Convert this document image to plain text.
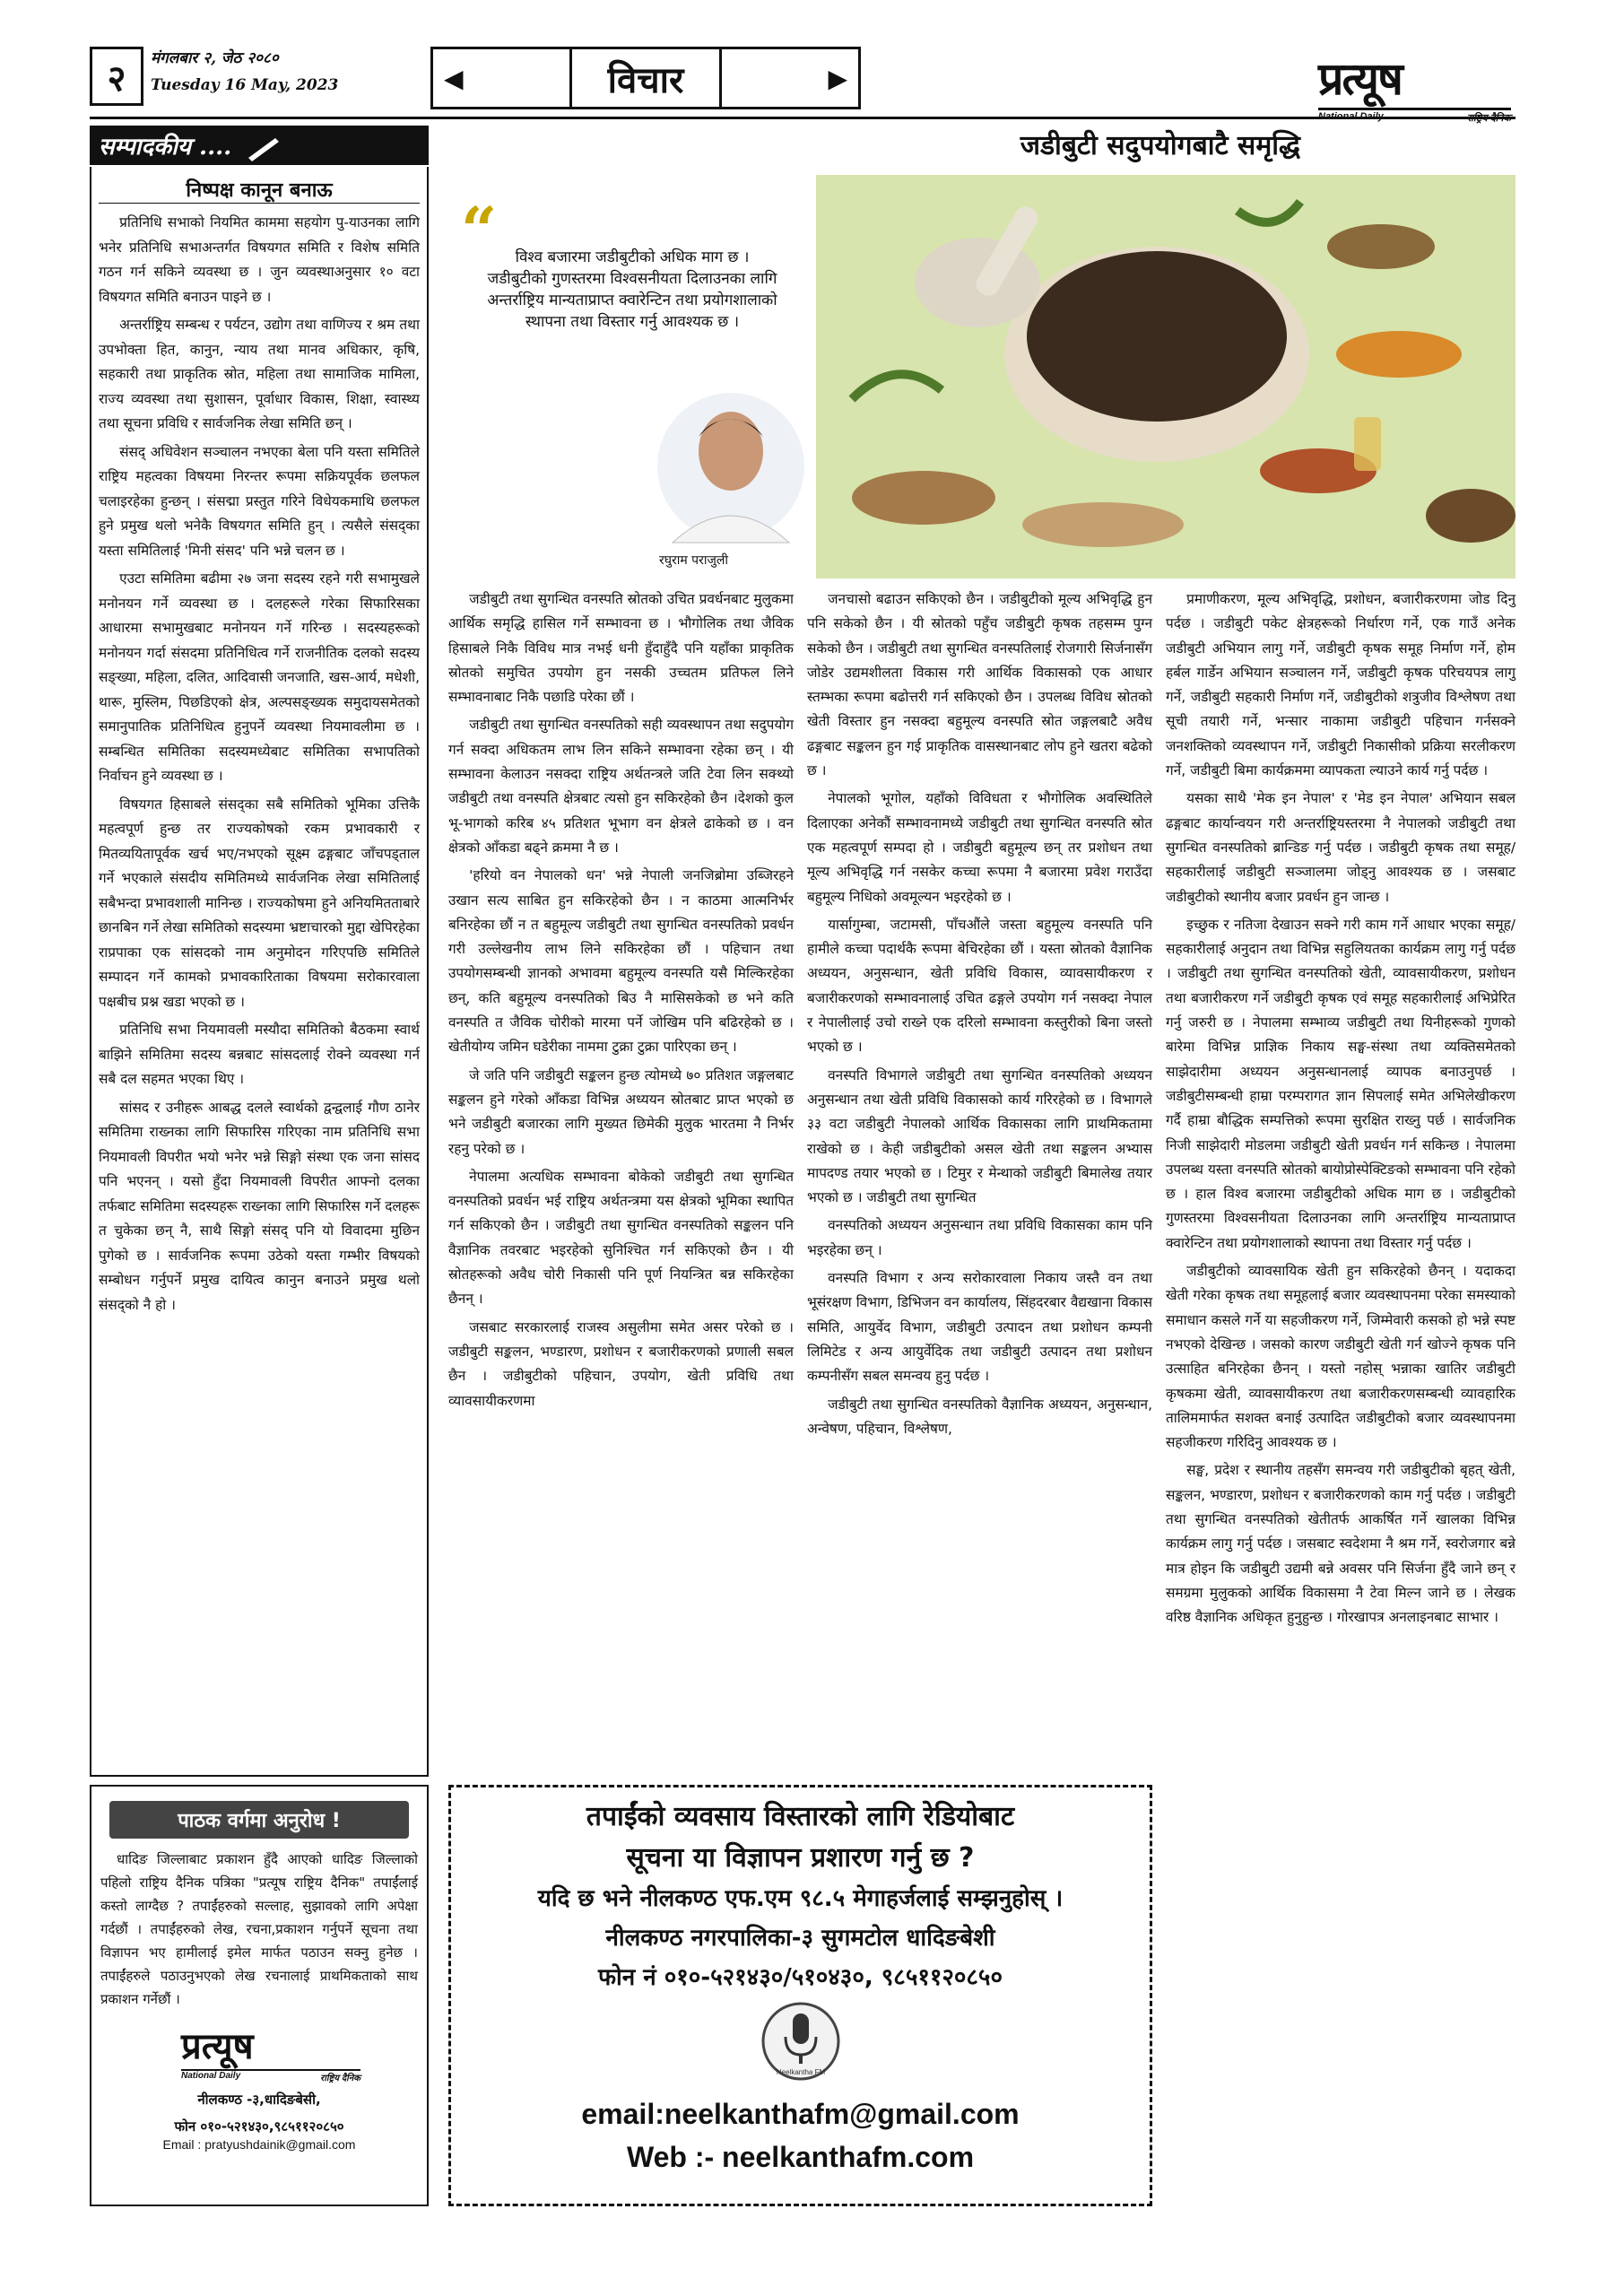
२	मंगलबार २, जेठ २०८०
Tuesday 16 May, 2023	◀	विचार	▶	प्रत्यूष
सम्पादकीय ....
निष्पक्ष कानून बनाऊ

प्रतिनिधि सभाको नियमित काममा सहयोग पु-याउनका लागि भनेर प्रतिनिधि सभाअन्तर्गत विषयगत समिति र विशेष समिति गठन गर्न सकिने व्यवस्था छ । जुन व्यवस्थाअनुसार १० वटा विषयगत समिति बनाउन पाइने छ ।

अन्तर्राष्ट्रिय सम्बन्ध र पर्यटन, उद्योग तथा वाणिज्य र श्रम तथा उपभोक्ता हित, कानुन, न्याय तथा मानव अधिकार, कृषि, सहकारी तथा प्राकृतिक स्रोत, महिला तथा सामाजिक मामिला, राज्य व्यवस्था तथा सुशासन, पूर्वाधार विकास, शिक्षा, स्वास्थ्य तथा सूचना प्रविधि र सार्वजनिक लेखा समिति छन् ।

संसद् अधिवेशन सञ्चालन नभएका बेला पनि यस्ता समितिले राष्ट्रिय महत्वका विषयमा निरन्तर रूपमा सक्रियपूर्वक छलफल चलाइरहेका हुन्छन् । संसद्मा प्रस्तुत गरिने विधेयकमाथि छलफल हुने प्रमुख थलो भनेकै विषयगत समिति हुन् । त्यसैले संसद्का यस्ता समितिलाई 'मिनी संसद' पनि भन्ने चलन छ ।

एउटा समितिमा बढीमा २७ जना सदस्य रहने गरी सभामुखले मनोनयन गर्ने व्यवस्था छ । दलहरूले गरेका सिफारिसका आधारमा सभामुखबाट मनोनयन गर्ने गरिन्छ । सदस्यहरूको मनोनयन गर्दा संसदमा प्रतिनिधित्व गर्ने राजनीतिक दलको सदस्य सङ्ख्या, महिला, दलित, आदिवासी जनजाति, खस-आर्य, मधेशी, थारू, मुस्लिम, पिछडिएको क्षेत्र, अल्पसङ्ख्यक समुदायसमेतको समानुपातिक प्रतिनिधित्व हुनुपर्ने व्यवस्था नियमावलीमा छ । सम्बन्धित समितिका सदस्यमध्येबाट समितिका सभापतिको निर्वाचन हुने व्यवस्था छ ।

विषयगत हिसाबले संसद्का सबै समितिको भूमिका उत्तिकै महत्वपूर्ण हुन्छ तर राज्यकोषको रकम प्रभावकारी र मितव्ययितापूर्वक खर्च भए/नभएको सूक्ष्म ढङ्गबाट जाँचपड्ताल गर्ने भएकाले संसदीय समितिमध्ये सार्वजनिक लेखा समितिलाई सबैभन्दा प्रभावशाली मानिन्छ । राज्यकोषमा हुने अनियमितताबारे छानबिन गर्ने लेखा समितिको सदस्यमा भ्रष्टाचारको मुद्दा खेपिरहेका राप्रपाका एक सांसदको नाम अनुमोदन गरिएपछि समितिले सम्पादन गर्ने कामको प्रभावकारिताका विषयमा सरोकारवाला पक्षबीच प्रश्न खडा भएको छ ।

प्रतिनिधि सभा नियमावली मस्यौदा समितिको बैठकमा स्वार्थ बाझिने समितिमा सदस्य बन्नबाट सांसदलाई रोक्ने व्यवस्था गर्न सबै दल सहमत भएका थिए ।

सांसद र उनीहरू आबद्ध दलले स्वार्थको द्वन्द्वलाई गौण ठानेर समितिमा राख्नका लागि सिफारिस गरिएका नाम प्रतिनिधि सभा नियमावली विपरीत भयो भनेर भन्ने सिङ्गो संस्था एक जना सांसद पनि भएनन् । यसो हुँदा नियमावली विपरीत आफ्नो दलका तर्फबाट समितिमा सदस्यहरू राख्नका लागि सिफारिस गर्ने दलहरू त चुकेका छन् नै, साथै सिङ्गो संसद् पनि यो विवादमा मुछिन पुगेको छ । सार्वजनिक रूपमा उठेको यस्ता गम्भीर विषयको सम्बोधन गर्नुपर्ने प्रमुख दायित्व कानुन बनाउने प्रमुख थलो संसद्को नै हो ।

पाठक वर्गमा अनुरोध !

धादिङ जिल्लाबाट प्रकाशन हुँदै आएको धादिङ जिल्लाको पहिलो राष्ट्रिय दैनिक पत्रिका "प्रत्यूष राष्ट्रिय दैनिक" तपाईंलाई कस्तो लाग्दैछ ? तपाईंहरुको सल्लाह, सुझावको लागि अपेक्षा गर्दछौं । तपाईंहरुको लेख, रचना,प्रकाशन गर्नुपर्ने सूचना तथा विज्ञापन भए हामीलाई इमेल मार्फत पठाउन सक्नु हुनेछ । तपाईंहरुले पठाउनुभएको लेख रचनालाई प्राथमिकताको साथ प्रकाशन गर्नेछौं ।

प्रत्यूष
National Daily	राष्ट्रिय दैनिक
नीलकण्ठ -३,धादिङबेसी,
फोन ०१०-५२१४३०,९८५११२०८५०
Email : pratyushdainik@gmail.com
जडीबुटी सदुपयोगबाटै समृद्धि
“	विश्व बजारमा जडीबुटीको अधिक माग छ । जडीबुटीको गुणस्तरमा विश्वसनीयता दिलाउनका लागि अन्तर्राष्ट्रिय मान्यताप्राप्त क्वारेन्टिन तथा प्रयोगशालाको स्थापना तथा विस्तार गर्नु आवश्यक छ ।
रघुराम पराजुली

जडीबुटी तथा सुगन्धित वनस्पति स्रोतको उचित प्रवर्धनबाट मुलुकमा आर्थिक समृद्धि हासिल गर्ने सम्भावना छ । भौगोलिक तथा जैविक हिसाबले निकै विविध मात्र नभई धनी हुँदाहुँदै पनि यहाँका प्राकृतिक स्रोतको समुचित उपयोग हुन नसकी उच्चतम प्रतिफल लिने सम्भावनाबाट निकै पछाडि परेका छौं ।

जडीबुटी तथा सुगन्धित वनस्पतिको सही व्यवस्थापन तथा सदुपयोग गर्न सक्दा अधिकतम लाभ लिन सकिने सम्भावना रहेका छन् । यी सम्भावना केलाउन नसक्दा राष्ट्रिय अर्थतन्त्रले जति टेवा लिन सक्थ्यो जडीबुटी तथा वनस्पति क्षेत्रबाट त्यसो हुन सकिरहेको छैन ।देशको कुल भू-भागको करिब ४५ प्रतिशत भूभाग वन क्षेत्रले ढाकेको छ । वन क्षेत्रको आँकडा बढ्ने क्रममा नै छ ।

'हरियो वन नेपालको धन' भन्ने नेपाली जनजिब्रोमा उब्जिरहने उखान सत्य साबित हुन सकिरहेको छैन । न काठमा आत्मनिर्भर बनिरहेका छौं न त बहुमूल्य जडीबुटी तथा सुगन्धित वनस्पतिको प्रवर्धन गरी उल्लेखनीय लाभ लिने सकिरहेका छौं । पहिचान तथा उपयोगसम्बन्धी ज्ञानको अभावमा बहुमूल्य वनस्पति यसै मिल्किरहेका छन्, कति बहुमूल्य वनस्पतिको बिउ नै मासिसकेको छ भने कति वनस्पति त जैविक चोरीको मारमा पर्ने जोखिम पनि बढिरहेको छ । खेतीयोग्य जमिन घडेरीका नाममा टुक्रा टुक्रा पारिएका छन् ।

जे जति पनि जडीबुटी सङ्कलन हुन्छ त्योमध्ये ७० प्रतिशत जङ्गलबाट सङ्कलन हुने गरेको आँकडा विभिन्न अध्ययन स्रोतबाट प्राप्त भएको छ भने जडीबुटी बजारका लागि मुख्यत छिमेकी मुलुक भारतमा नै निर्भर रहनु परेको छ ।

नेपालमा अत्यधिक सम्भावना बोकेको जडीबुटी तथा सुगन्धित वनस्पतिको प्रवर्धन भई राष्ट्रिय अर्थतन्त्रमा यस क्षेत्रको भूमिका स्थापित गर्न सकिएको छैन । जडीबुटी तथा सुगन्धित वनस्पतिको सङ्कलन पनि वैज्ञानिक तवरबाट भइरहेको सुनिश्चित गर्न सकिएको छैन । यी स्रोतहरूको अवैध चोरी निकासी पनि पूर्ण नियन्त्रित बन्न सकिरहेका छैनन् ।

जसबाट सरकारलाई राजस्व असुलीमा समेत असर परेको छ । जडीबुटी सङ्कलन, भण्डारण, प्रशोधन र बजारीकरणको प्रणाली सबल छैन । जडीबुटीको पहिचान, उपयोग, खेती प्रविधि तथा व्यावसायीकरणमा

जनचासो बढाउन सकिएको छैन । जडीबुटीको मूल्य अभिवृद्धि हुन पनि सकेको छैन । यी स्रोतको पहुँच जडीबुटी कृषक तहसम्म पुग्न सकेको छैन । जडीबुटी तथा सुगन्धित वनस्पतिलाई रोजगारी सिर्जनासँग जोडेर उद्यमशीलता विकास गरी आर्थिक विकासको एक आधार स्तम्भका रूपमा बढोत्तरी गर्न सकिएको छैन । उपलब्ध विविध स्रोतको खेती विस्तार हुन नसक्दा बहुमूल्य वनस्पति स्रोत जङ्गलबाटै अवैध ढङ्गबाट सङ्कलन हुन गई प्राकृतिक वासस्थानबाट लोप हुने खतरा बढेको छ ।

नेपालको भूगोल, यहाँको विविधता र भौगोलिक अवस्थितिले दिलाएका अनेकौं सम्भावनामध्ये जडीबुटी तथा सुगन्धित वनस्पति स्रोत एक महत्वपूर्ण सम्पदा हो । जडीबुटी बहुमूल्य छन् तर प्रशोधन तथा मूल्य अभिवृद्धि गर्न नसकेर कच्चा रूपमा नै बजारमा प्रवेश गराउँदा बहुमूल्य निधिको अवमूल्यन भइरहेको छ ।

यार्सागुम्बा, जटामसी, पाँचऔंले जस्ता बहुमूल्य वनस्पति पनि हामीले कच्चा पदार्थकै रूपमा बेचिरहेका छौं । यस्ता स्रोतको वैज्ञानिक अध्ययन, अनुसन्धान, खेती प्रविधि विकास, व्यावसायीकरण र बजारीकरणको सम्भावनालाई उचित ढङ्गले उपयोग गर्न नसक्दा नेपाल र नेपालीलाई उचो राख्ने एक दरिलो सम्भावना कस्तुरीको बिना जस्तो भएको छ ।

वनस्पति विभागले जडीबुटी तथा सुगन्धित वनस्पतिको अध्ययन अनुसन्धान तथा खेती प्रविधि विकासको कार्य गरिरहेको छ । विभागले ३३ वटा जडीबुटी नेपालको आर्थिक विकासका लागि प्राथमिकतामा राखेको छ । केही जडीबुटीको असल खेती तथा सङ्कलन अभ्यास मापदण्ड तयार भएको छ । टिमुर र मेन्थाको जडीबुटी बिमालेख तयार भएको छ । जडीबुटी तथा सुगन्धित

वनस्पतिको अध्ययन अनुसन्धान तथा प्रविधि विकासका काम पनि भइरहेका छन् ।

वनस्पति विभाग र अन्य सरोकारवाला निकाय जस्तै वन तथा भूसंरक्षण विभाग, डिभिजन वन कार्यालय, सिंहदरबार वैद्यखाना विकास समिति, आयुर्वेद विभाग, जडीबुटी उत्पादन तथा प्रशोधन कम्पनी लिमिटेड र अन्य आयुर्वेदिक तथा जडीबुटी उत्पादन तथा प्रशोधन कम्पनीसँग सबल समन्वय हुनु पर्दछ ।

जडीबुटी तथा सुगन्धित वनस्पतिको वैज्ञानिक अध्ययन, अनुसन्धान, अन्वेषण, पहिचान, विश्लेषण,

प्रमाणीकरण, मूल्य अभिवृद्धि, प्रशोधन, बजारीकरणमा जोड दिनु पर्दछ । जडीबुटी पकेट क्षेत्रहरूको निर्धारण गर्ने, एक गाउँ अनेक जडीबुटी अभियान लागु गर्ने, जडीबुटी कृषक समूह निर्माण गर्ने, होम हर्बल गार्डेन अभियान सञ्चालन गर्ने, जडीबुटी कृषक परिचयपत्र लागु गर्ने, जडीबुटी सहकारी निर्माण गर्ने, जडीबुटीको शत्रुजीव विश्लेषण तथा सूची तयारी गर्ने, भन्सार नाकामा जडीबुटी पहिचान गर्नसक्ने जनशक्तिको व्यवस्थापन गर्ने, जडीबुटी निकासीको प्रक्रिया सरलीकरण गर्ने, जडीबुटी बिमा कार्यक्रममा व्यापकता ल्याउने कार्य गर्नु पर्दछ ।

यसका साथै 'मेक इन नेपाल' र 'मेड इन नेपाल' अभियान सबल ढङ्गबाट कार्यान्वयन गरी अन्तर्राष्ट्रियस्तरमा नै नेपालको जडीबुटी तथा सुगन्धित वनस्पतिको ब्रान्डिङ गर्नु पर्दछ । जडीबुटी कृषक तथा समूह/सहकारीलाई जडीबुटी सञ्जालमा जोड्नु आवश्यक छ । जसबाट जडीबुटीको स्थानीय बजार प्रवर्धन हुन जान्छ ।

इच्छुक र नतिजा देखाउन सक्ने गरी काम गर्ने आधार भएका समूह/सहकारीलाई अनुदान तथा विभिन्न सहुलियतका कार्यक्रम लागु गर्नु पर्दछ । जडीबुटी तथा सुगन्धित वनस्पतिको खेती, व्यावसायीकरण, प्रशोधन तथा बजारीकरण गर्ने जडीबुटी कृषक एवं समूह सहकारीलाई अभिप्रेरित गर्नु जरुरी छ । नेपालमा सम्भाव्य जडीबुटी तथा यिनीहरूको गुणको बारेमा विभिन्न प्राज्ञिक निकाय सङ्घ-संस्था तथा व्यक्तिसमेतको साझेदारीमा अध्ययन अनुसन्धानलाई व्यापक बनाउनुपर्छ । जडीबुटीसम्बन्धी हाम्रा परम्परागत ज्ञान सिपलाई समेत अभिलेखीकरण गर्दै हाम्रा बौद्धिक सम्पत्तिको रूपमा सुरक्षित राख्नु पर्छ । सार्वजनिक निजी साझेदारी मोडलमा जडीबुटी खेती प्रवर्धन गर्न सकिन्छ । नेपालमा उपलब्ध यस्ता वनस्पति स्रोतको बायोप्रोस्पेक्टिङको सम्भावना पनि रहेको छ । हाल विश्व बजारमा जडीबुटीको अधिक माग छ । जडीबुटीको गुणस्तरमा विश्वसनीयता दिलाउनका लागि अन्तर्राष्ट्रिय मान्यताप्राप्त क्वारेन्टिन तथा प्रयोगशालाको स्थापना तथा विस्तार गर्नु पर्दछ ।

जडीबुटीको व्यावसायिक खेती हुन सकिरहेको छैनन् । यदाकदा खेती गरेका कृषक तथा समूहलाई बजार व्यवस्थापनमा परेका समस्याको समाधान कसले गर्ने या सहजीकरण गर्ने, जिम्मेवारी कसको हो भन्ने स्पष्ट नभएको देखिन्छ । जसको कारण जडीबुटी खेती गर्न खोज्ने कृषक पनि उत्साहित बनिरहेका छैनन् । यस्तो नहोस् भन्नाका खातिर जडीबुटी कृषकमा खेती, व्यावसायीकरण तथा बजारीकरणसम्बन्धी व्यावहारिक तालिममार्फत सशक्त बनाई उत्पादित जडीबुटीको बजार व्यवस्थापनमा सहजीकरण गरिदिनु आवश्यक छ ।

सङ्घ, प्रदेश र स्थानीय तहसँग समन्वय गरी जडीबुटीको बृहत् खेती, सङ्कलन, भण्डारण, प्रशोधन र बजारीकरणको काम गर्नु पर्दछ । जडीबुटी तथा सुगन्धित वनस्पतिको खेतीतर्फ आकर्षित गर्ने खालका विभिन्न कार्यक्रम लागु गर्नु पर्दछ । जसबाट स्वदेशमा नै श्रम गर्ने, स्वरोजगार बन्ने मात्र होइन कि जडीबुटी उद्यमी बन्ने अवसर पनि सिर्जना हुँदै जाने छन् र समग्रमा मुलुकको आर्थिक विकासमा नै टेवा मिल्न जाने छ । लेखक वरिष्ठ वैज्ञानिक अधिकृत हुनुहुन्छ । गोरखापत्र अनलाइनबाट साभार ।

तपाईंको व्यवसाय विस्तारको लागि रेडियोबाट
सूचना या विज्ञापन प्रशारण गर्नु छ ?
यदि छ भने नीलकण्ठ एफ.एम ९८.५ मेगाहर्जलाई सम्झनुहोस् ।
नीलकण्ठ नगरपालिका-३ सुगमटोल धादिङबेशी
फोन नं ०१०-५२१४३०/५१०४३०, ९८५११२०८५०
Neelkantha FM
email:neelkanthafm@gmail.com
Web :- neelkanthafm.com
